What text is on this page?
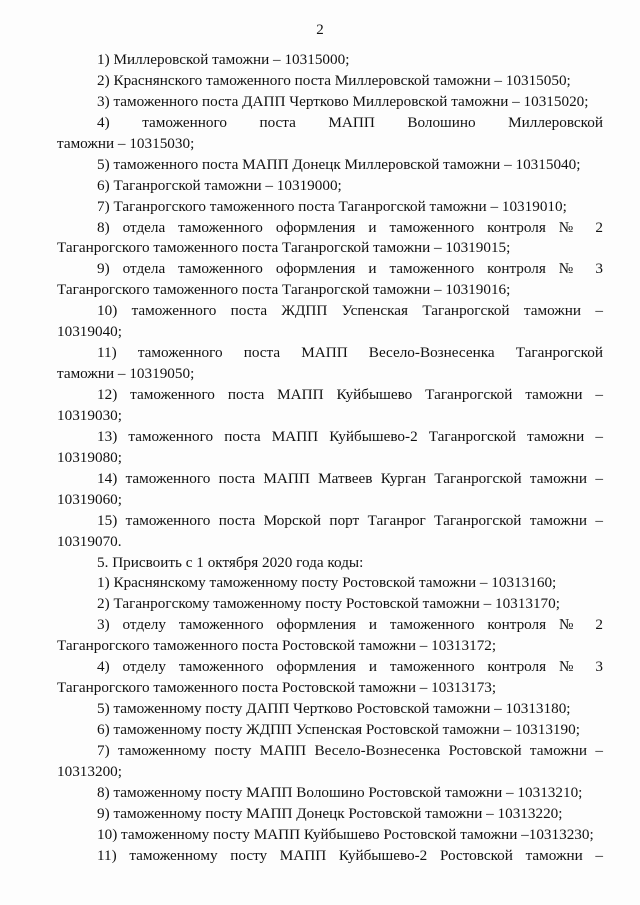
2
1) Миллеровской таможни – 10315000;
2) Краснянского таможенного поста Миллеровской таможни – 10315050;
3) таможенного поста ДАПП Чертково Миллеровской таможни – 10315020;
4) таможенного поста МАПП Волошино Миллеровской
таможни – 10315030;
5) таможенного поста МАПП Донецк Миллеровской таможни – 10315040;
6) Таганрогской таможни – 10319000;
7) Таганрогского таможенного поста Таганрогской таможни – 10319010;
8) отдела таможенного оформления и таможенного контроля № 2
Таганрогского таможенного поста Таганрогской таможни – 10319015;
9) отдела таможенного оформления и таможенного контроля № 3
Таганрогского таможенного поста Таганрогской таможни – 10319016;
10) таможенного поста ЖДПП Успенская Таганрогской таможни –
10319040;
11) таможенного поста МАПП Весело-Вознесенка Таганрогской
таможни – 10319050;
12) таможенного поста МАПП Куйбышево Таганрогской таможни –
10319030;
13) таможенного поста МАПП Куйбышево-2 Таганрогской таможни –
10319080;
14) таможенного поста МАПП Матвеев Курган Таганрогской таможни –
10319060;
15) таможенного поста Морской порт Таганрог Таганрогской таможни –
10319070.
5. Присвоить с 1 октября 2020 года коды:
1) Краснянскому таможенному посту Ростовской таможни – 10313160;
2) Таганрогскому таможенному посту Ростовской таможни – 10313170;
3) отделу таможенного оформления и таможенного контроля № 2
Таганрогского таможенного поста Ростовской таможни – 10313172;
4) отделу таможенного оформления и таможенного контроля № 3
Таганрогского таможенного поста Ростовской таможни – 10313173;
5) таможенному посту ДАПП Чертково Ростовской таможни – 10313180;
6) таможенному посту ЖДПП Успенская Ростовской таможни – 10313190;
7) таможенному посту МАПП Весело-Вознесенка Ростовской таможни –
10313200;
8) таможенному посту МАПП Волошино Ростовской таможни – 10313210;
9) таможенному посту МАПП Донецк Ростовской таможни – 10313220;
10) таможенному посту МАПП Куйбышево Ростовской таможни –10313230;
11) таможенному посту МАПП Куйбышево-2 Ростовской таможни –
